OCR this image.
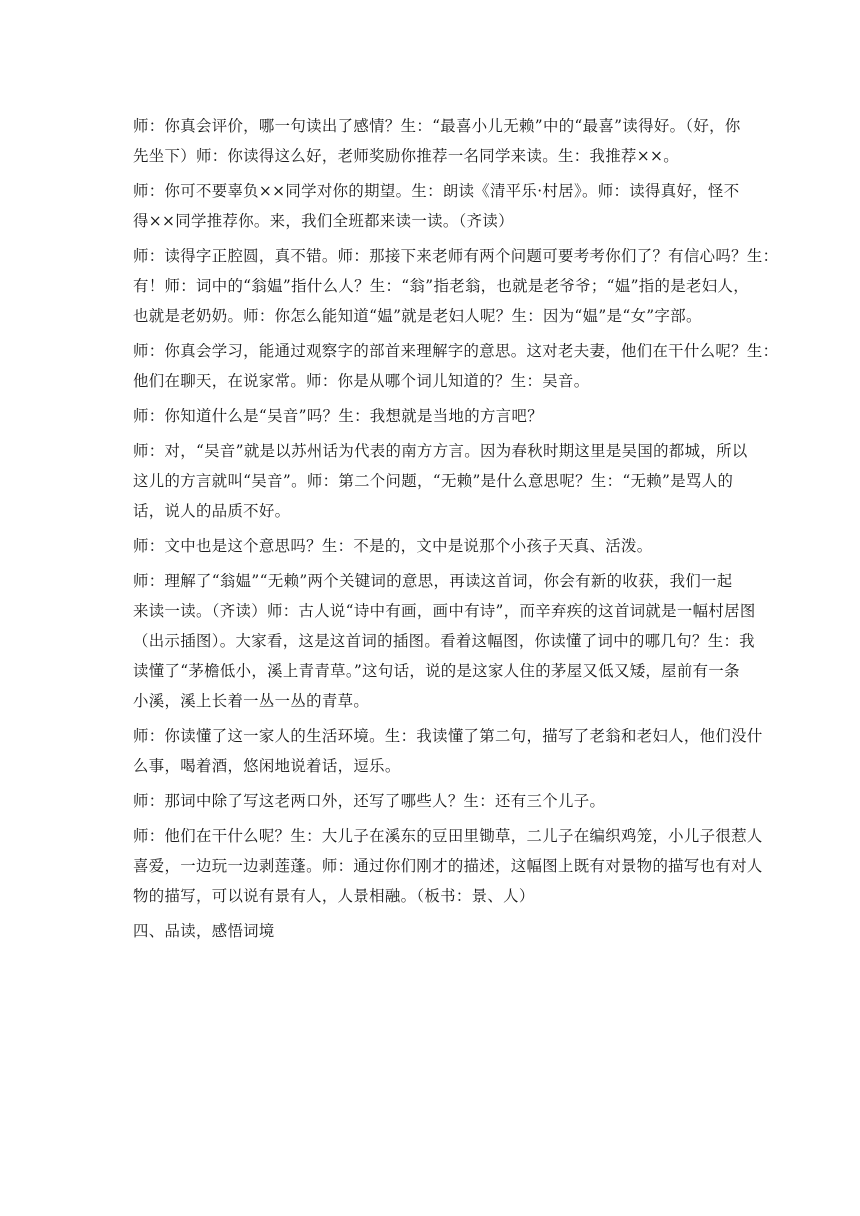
师：你真会评价，哪一句读出了感情？生：“最喜小儿无赖”中的“最喜”读得好。（好，你
先坐下）师：你读得这么好，老师奖励你推荐一名同学来读。生：我推荐××。

师：你可不要辜负××同学对你的期望。生：朗读《清平乐·村居》。师：读得真好，怪不
得××同学推荐你。来，我们全班都来读一读。（齐读）

师：读得字正腔圆，真不错。师：那接下来老师有两个问题可要考考你们了？有信心吗？生：
有！师：词中的“翁媪”指什么人？生：“翁”指老翁，也就是老爷爷；“媪”指的是老妇人，
也就是老奶奶。师：你怎么能知道“媪”就是老妇人呢？生：因为“媪”是“女”字部。

师：你真会学习，能通过观察字的部首来理解字的意思。这对老夫妻，他们在干什么呢？生：
他们在聊天，在说家常。师：你是从哪个词儿知道的？生：吴音。

师：你知道什么是“吴音”吗？生：我想就是当地的方言吧？

师：对，“吴音”就是以苏州话为代表的南方方言。因为春秋时期这里是吴国的都城，所以
这儿的方言就叫“吴音”。师：第二个问题，“无赖”是什么意思呢？生：“无赖”是骂人的
话，说人的品质不好。

师：文中也是这个意思吗？生：不是的，文中是说那个小孩子天真、活泼。

师：理解了“翁媪”“无赖”两个关键词的意思，再读这首词，你会有新的收获，我们一起
来读一读。（齐读）师：古人说“诗中有画，画中有诗”，而辛弃疾的这首词就是一幅村居图
（出示插图）。大家看，这是这首词的插图。看着这幅图，你读懂了词中的哪几句？生：我
读懂了“茅檐低小，溪上青青草。”这句话，说的是这家人住的茅屋又低又矮，屋前有一条
小溪，溪上长着一丛一丛的青草。

师：你读懂了这一家人的生活环境。生：我读懂了第二句，描写了老翁和老妇人，他们没什
么事，喝着酒，悠闲地说着话，逗乐。

师：那词中除了写这老两口外，还写了哪些人？生：还有三个儿子。

师：他们在干什么呢？生：大儿子在溪东的豆田里锄草，二儿子在编织鸡笼，小儿子很惹人
喜爱，一边玩一边剥莲蓬。师：通过你们刚才的描述，这幅图上既有对景物的描写也有对人
物的描写，可以说有景有人，人景相融。（板书：景、人）

四、品读，感悟词境
